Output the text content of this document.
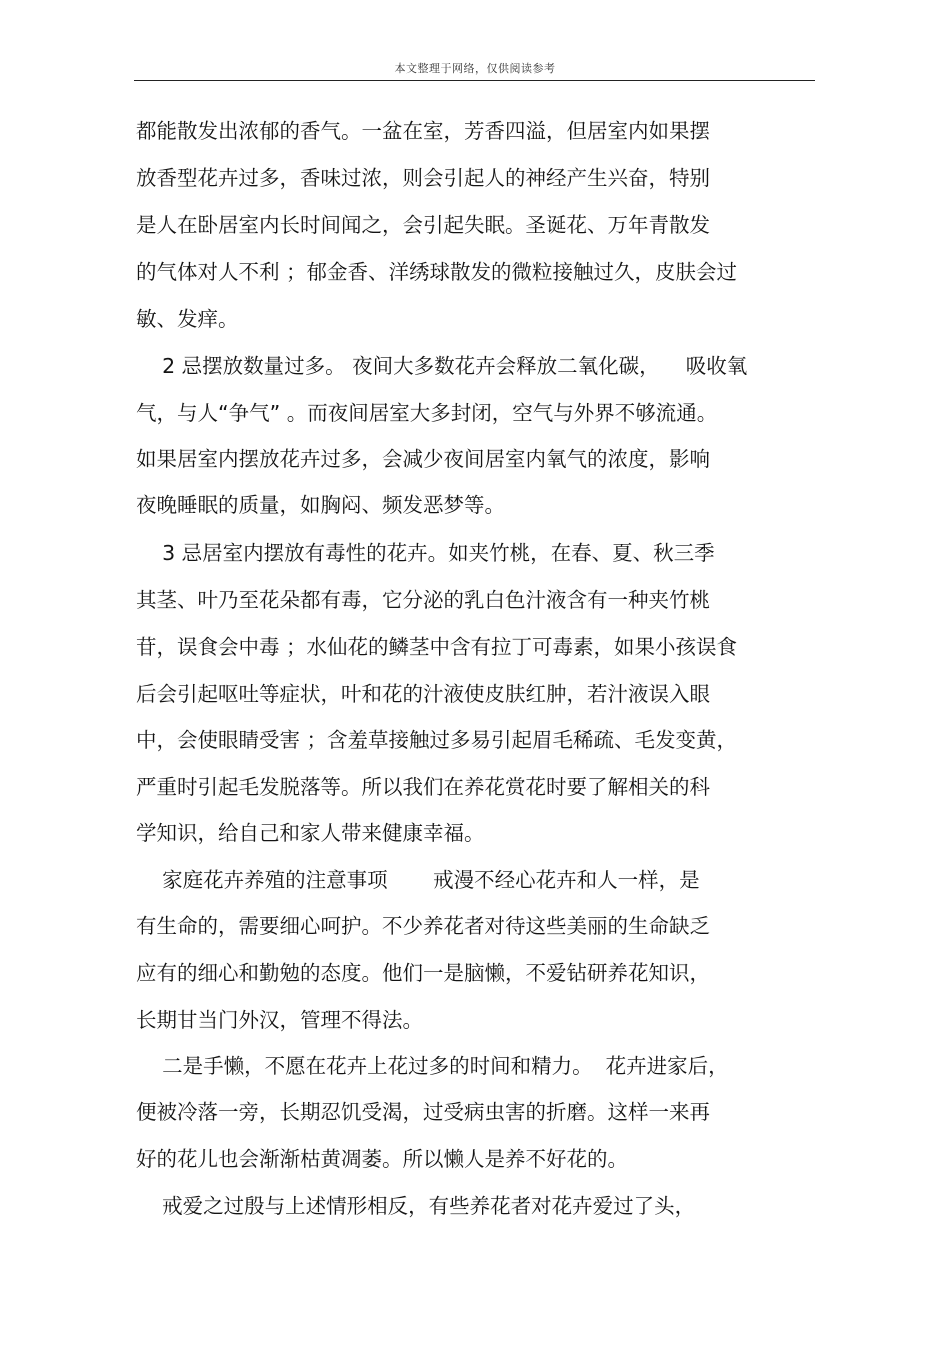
本文整理于网络，仅供阅读参考
都能散发出浓郁的香气。一盆在室，芳香四溢，但居室内如果摆
放香型花卉过多，香味过浓，则会引起人的神经产生兴奋，特别
是人在卧居室内长时间闻之，会引起失眠。圣诞花、万年青散发
的气体对人不利 ；郁金香、洋绣球散发的微粒接触过久，皮肤会过
敏、发痒。
2 忌摆放数量过多。 夜间大多数花卉会释放二氧化碳，    吸收氧
气，与人“争气” 。而夜间居室大多封闭，空气与外界不够流通。
如果居室内摆放花卉过多，会减少夜间居室内氧气的浓度，影响
夜晚睡眠的质量，如胸闷、频发恶梦等。
3 忌居室内摆放有毒性的花卉。如夹竹桃，在春、夏、秋三季
其茎、叶乃至花朵都有毒，它分泌的乳白色汁液含有一种夹竹桃
苷，误食会中毒 ；水仙花的鳞茎中含有拉丁可毒素，如果小孩误食
后会引起呕吐等症状，叶和花的汁液使皮肤红肿，若汁液误入眼
中，会使眼睛受害 ；含羞草接触过多易引起眉毛稀疏、毛发变黄，
严重时引起毛发脱落等。所以我们在养花赏花时要了解相关的科
学知识，给自己和家人带来健康幸福。
家庭花卉养殖的注意事项       戒漫不经心花卉和人一样，是
有生命的，需要细心呵护。不少养花者对待这些美丽的生命缺乏
应有的细心和勤勉的态度。他们一是脑懒，不爱钻研养花知识，
长期甘当门外汉，管理不得法。
二是手懒，不愿在花卉上花过多的时间和精力。  花卉进家后，
便被冷落一旁，长期忍饥受渴，过受病虫害的折磨。这样一来再
好的花儿也会渐渐枯黄凋萎。所以懒人是养不好花的。
戒爱之过殷与上述情形相反，有些养花者对花卉爱过了头，
